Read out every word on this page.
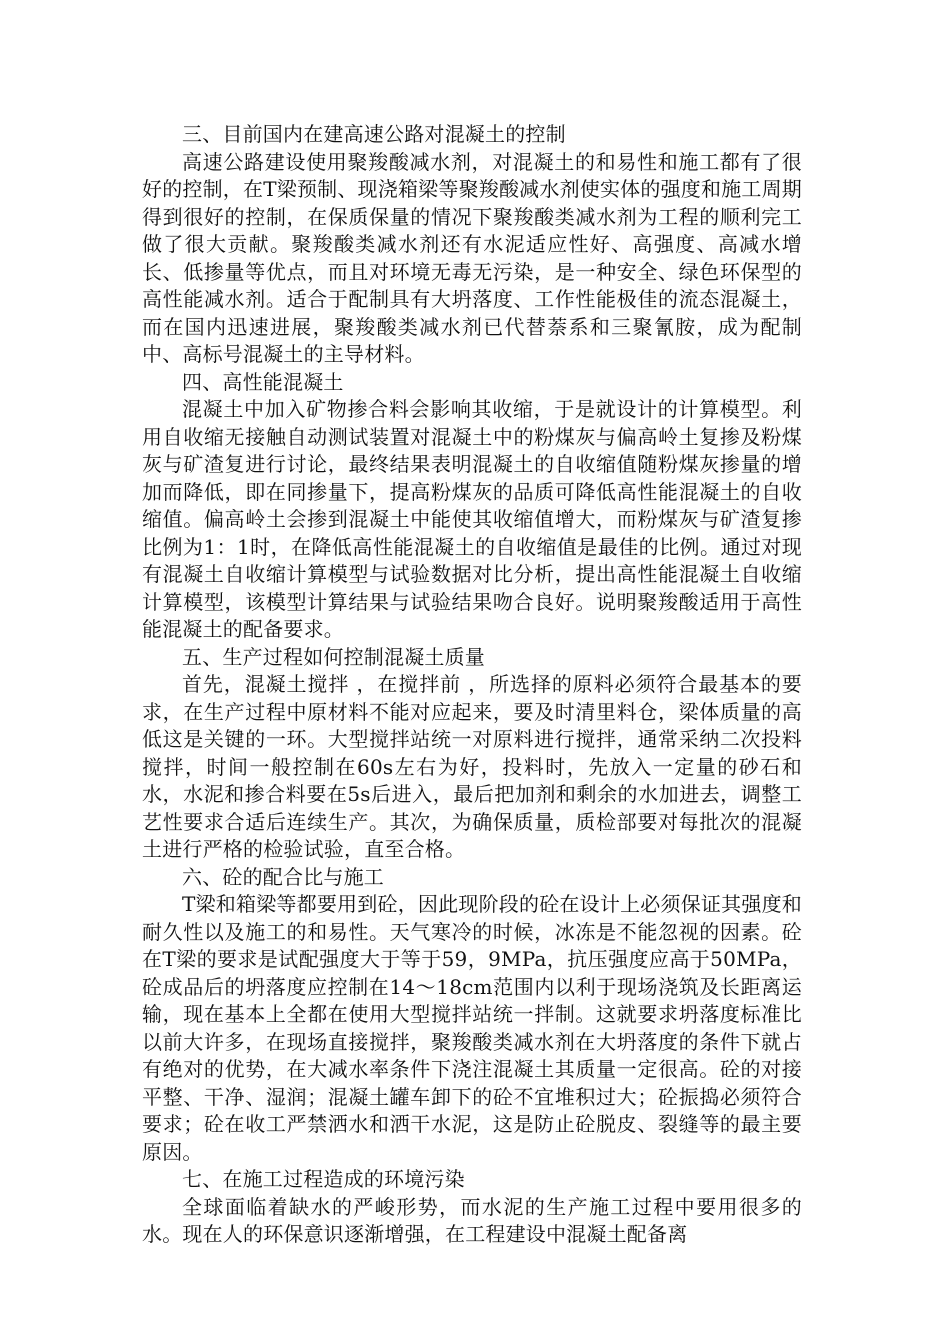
三、目前国内在建高速公路对混凝土的控制

高速公路建设使用聚羧酸减水剂，对混凝土的和易性和施工都有了很好的控制，在T梁预制、现浇箱梁等聚羧酸减水剂使实体的强度和施工周期得到很好的控制，在保质保量的情况下聚羧酸类减水剂为工程的顺利完工做了很大贡献。聚羧酸类减水剂还有水泥适应性好、高强度、高减水增长、低掺量等优点，而且对环境无毒无污染，是一种安全、绿色环保型的高性能减水剂。适合于配制具有大坍落度、工作性能极佳的流态混凝土，而在国内迅速进展，聚羧酸类减水剂已代替萘系和三聚氰胺，成为配制中、高标号混凝土的主导材料。

四、高性能混凝土

混凝土中加入矿物掺合料会影响其收缩，于是就设计的计算模型。利用自收缩无接触自动测试装置对混凝土中的粉煤灰与偏高岭土复掺及粉煤灰与矿渣复进行讨论，最终结果表明混凝土的自收缩值随粉煤灰掺量的增加而降低，即在同掺量下，提高粉煤灰的品质可降低高性能混凝土的自收缩值。偏高岭土会掺到混凝土中能使其收缩值增大，而粉煤灰与矿渣复掺比例为1：1时，在降低高性能混凝土的自收缩值是最佳的比例。通过对现有混凝土自收缩计算模型与试验数据对比分析，提出高性能混凝土自收缩计算模型，该模型计算结果与试验结果吻合良好。说明聚羧酸适用于高性能混凝土的配备要求。

五、生产过程如何控制混凝土质量

首先，混凝土搅拌 ，在搅拌前 ，所选择的原料必须符合最基本的要求，在生产过程中原材料不能对应起来，要及时清里料仓，梁体质量的高低这是关键的一环。大型搅拌站统一对原料进行搅拌，通常采纳二次投料搅拌，时间一般控制在60s左右为好，投料时，先放入一定量的砂石和水，水泥和掺合料要在5s后进入，最后把加剂和剩余的水加进去，调整工艺性要求合适后连续生产。其次，为确保质量，质检部要对每批次的混凝土进行严格的检验试验，直至合格。

六、砼的配合比与施工

T梁和箱梁等都要用到砼，因此现阶段的砼在设计上必须保证其强度和耐久性以及施工的和易性。天气寒冷的时候，冰冻是不能忽视的因素。砼在T梁的要求是试配强度大于等于59，9MPa，抗压强度应高于50MPa，砼成品后的坍落度应控制在14～18cm范围内以利于现场浇筑及长距离运输，现在基本上全都在使用大型搅拌站统一拌制。这就要求坍落度标准比以前大许多，在现场直接搅拌，聚羧酸类减水剂在大坍落度的条件下就占有绝对的优势，在大减水率条件下浇注混凝土其质量一定很高。砼的对接平整、干净、湿润；混凝土罐车卸下的砼不宜堆积过大；砼振捣必须符合要求；砼在收工严禁洒水和洒干水泥，这是防止砼脱皮、裂缝等的最主要原因。

七、在施工过程造成的环境污染

全球面临着缺水的严峻形势，而水泥的生产施工过程中要用很多的水。现在人的环保意识逐渐增强，在工程建设中混凝土配备离
